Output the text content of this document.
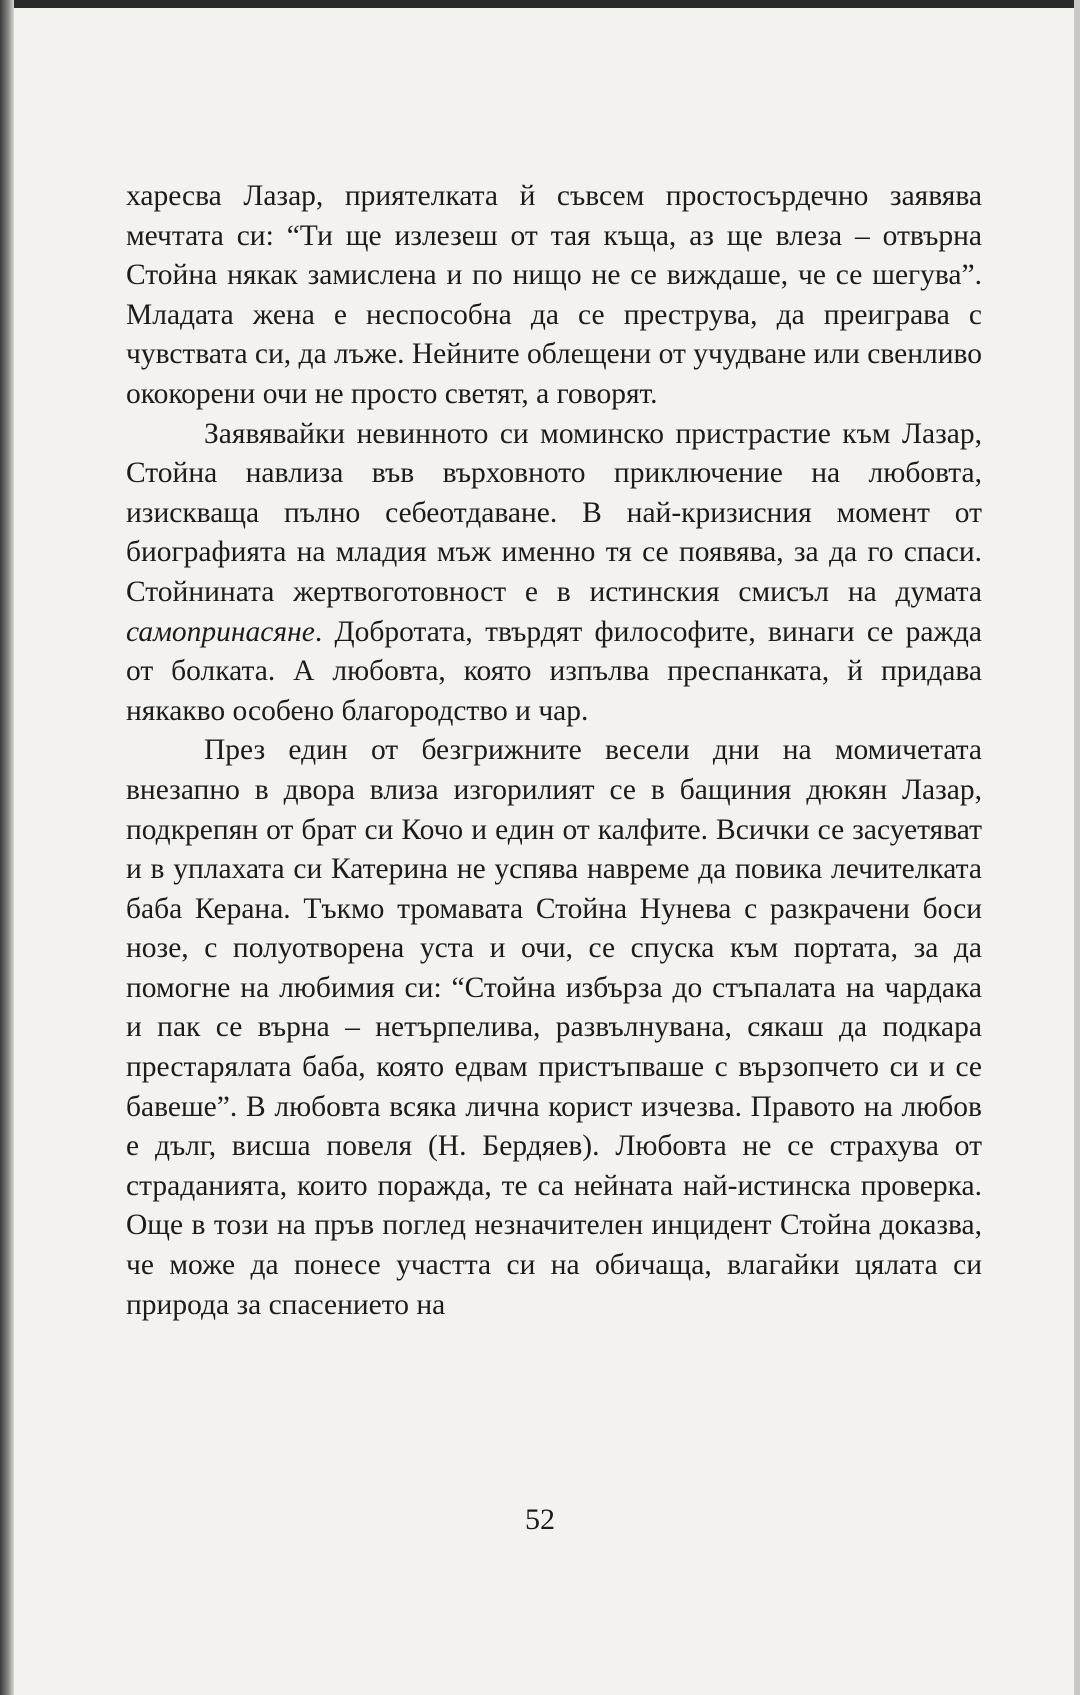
харесва Лазар, приятелката й съвсем простосърдечно заявява мечтата си: “Ти ще излезеш от тая къща, аз ще влеза – отвърна Стойна някак замислена и по нищо не се виждаше, че се шегува”. Младата жена е неспособна да се преструва, да преиграва с чувствата си, да лъже. Нейните облещени от учудване или свенливо ококорени очи не просто светят, а говорят.

Заявявайки невинното си моминско пристрастие към Лазар, Стойна навлиза във върховното приключение на любовта, изискваща пълно себеотдаване. В най-кризисния момент от биографията на младия мъж именно тя се появява, за да го спаси. Стойнината жертвоготовност е в истинския смисъл на думата самопринасяне. Добротата, твърдят философите, винаги се ражда от болката. А любовта, която изпълва преспанката, й придава някакво особено благородство и чар.

През един от безгрижните весели дни на момичетата внезапно в двора влиза изгорилият се в бащиния дюкян Лазар, подкрепян от брат си Кочо и един от калфите. Всички се засуетяват и в уплахата си Катерина не успява навреме да повика лечителката баба Керана. Тъкмо тромавата Стойна Нунева с разкрачени боси нозе, с полуотворена уста и очи, се спуска към портата, за да помогне на любимия си: “Стойна избърза до стъпалата на чардака и пак се върна – нетърпелива, развълнувана, сякаш да подкара престарялата баба, която едвам пристъпваше с вързопчето си и се бавеше”. В любовта всяка лична корист изчезва. Правото на любов е дълг, висша повеля (Н. Бердяев). Любовта не се страхува от страданията, които поражда, те са нейната най-истинска проверка. Още в този на пръв поглед незначителен инцидент Стойна доказва, че може да понесе участта си на обичаща, влагайки цялата си природа за спасението на

52
